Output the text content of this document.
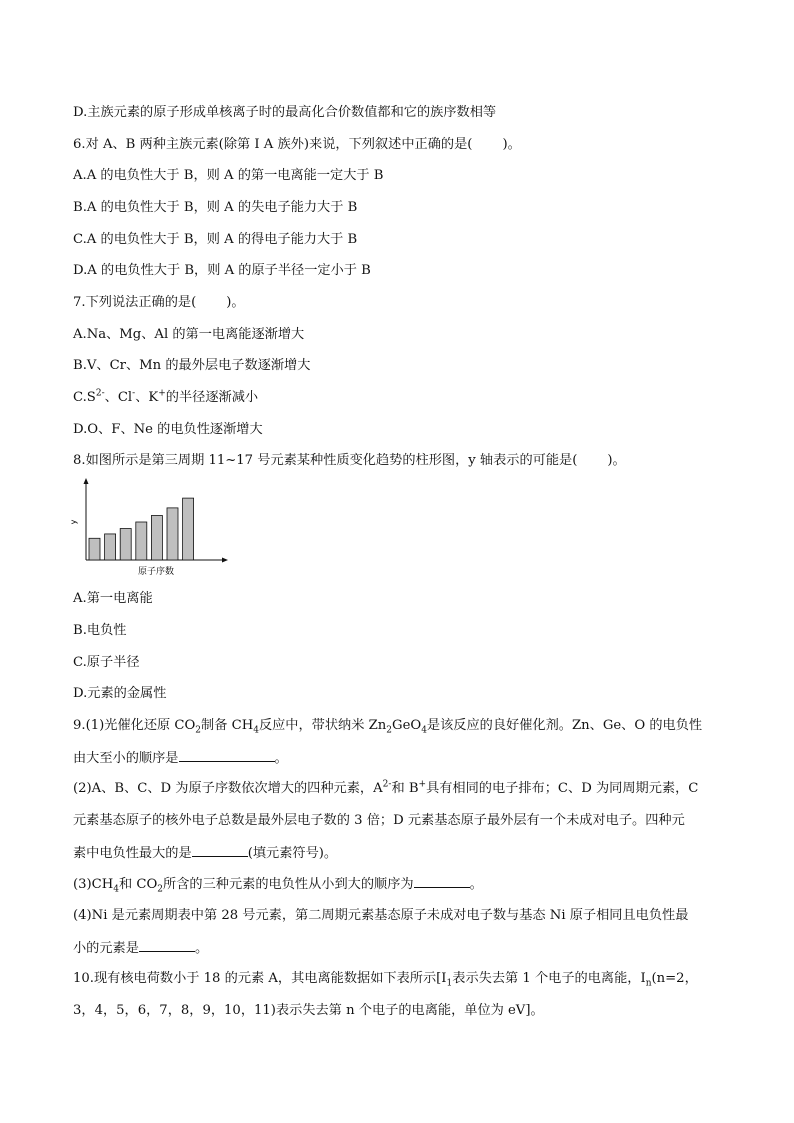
D.主族元素的原子形成单核离子时的最高化合价数值都和它的族序数相等
6.对 A、B 两种主族元素(除第 Ⅰ A 族外)来说，下列叙述中正确的是( )。
A.A 的电负性大于 B，则 A 的第一电离能一定大于 B
B.A 的电负性大于 B，则 A 的失电子能力大于 B
C.A 的电负性大于 B，则 A 的得电子能力大于 B
D.A 的电负性大于 B，则 A 的原子半径一定小于 B
7.下列说法正确的是( )。
A.Na、Mg、Al 的第一电离能逐渐增大
B.V、Cr、Mn 的最外层电子数逐渐增大
$C.S^{2-}$、Cl-、K+的半径逐渐减小
D.O、F、Ne 的电负性逐渐增大
8.如图所示是第三周期 11~17 号元素某种性质变化趋势的柱形图，y 轴表示的可能是( )。
y
原子序数
A.第一电离能
B.电负性
C.原子半径
D.元素的金属性
9.(1)光催化还原 $CO_2$制备 $CH_4$反应中，带状纳米 $Zn_2GeO_4$是该反应的良好催化剂。Zn、Ge、O 的电负性
由大至小的顺序是	。
(2)A、B、C、D 为原子序数依次增大的四种元素，$A^{2-}$和 B+具有相同的电子排布；C、D 为同周期元素，C
元素基态原子的核外电子总数是最外层电子数的 3 倍；D 元素基态原子最外层有一个未成对电子。四种元
素中电负性最大的是	(填元素符号)。
$(3)CH_4$和 $CO_2$所含的三种元素的电负性从小到大的顺序为	。
(4)Ni 是元素周期表中第 28 号元素，第二周期元素基态原子未成对电子数与基态 Ni 原子相同且电负性最
小的元素是	。
10.现有核电荷数小于 18 的元素 A，其电离能数据如下表所示[$I_1$表示失去第 1 个电子的电离能，$I_n(n=2$，
3，4，5，6，7，8，9，10，11)表示失去第 n 个电子的电离能，单位为 eV]。
